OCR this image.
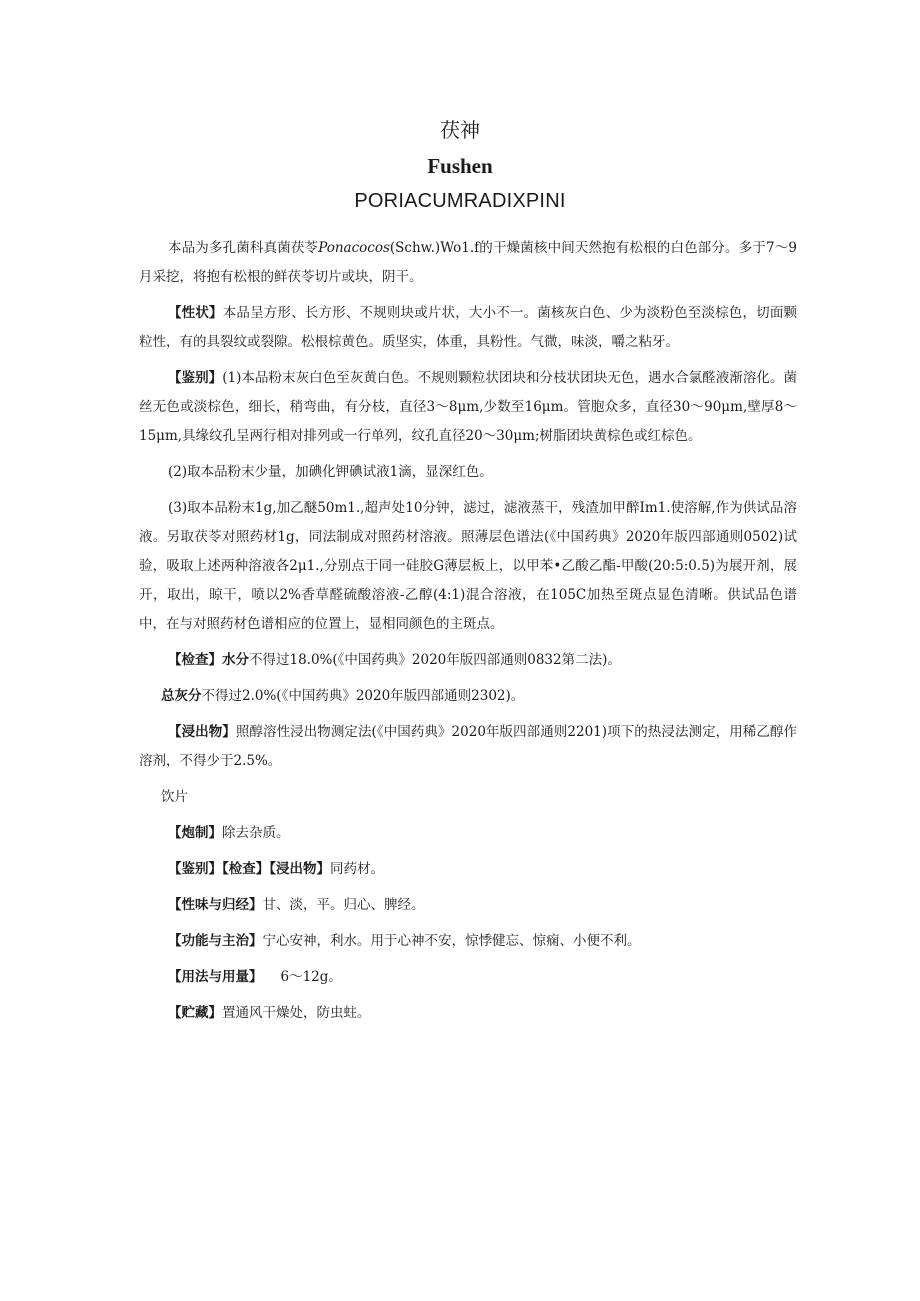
茯神
Fushen
PORIACUMRADIXPINI

本品为多孔菌科真菌茯苓Ponacocos(Schw.)Wo1.f的干燥菌核中间天然抱有松根的白色部分。多于7～9月采挖，将抱有松根的鲜茯苓切片或块，阴干。

【性状】本品呈方形、长方形、不规则块或片状，大小不一。菌核灰白色、少为淡粉色至淡棕色，切面颗粒性，有的具裂纹或裂隙。松根棕黄色。质坚实，体重，具粉性。气微，味淡，嚼之粘牙。

【鉴别】(1)本品粉末灰白色至灰黄白色。不规则颗粒状团块和分枝状团块无色，遇水合氯醛液渐溶化。菌丝无色或淡棕色，细长，稍弯曲，有分枝，直径3～8μm,少数至16μm。管胞众多，直径30～90μm,壁厚8～15μm,具缘纹孔呈两行相对排列或一行单列，纹孔直径20～30μm;树脂团块黄棕色或红棕色。

(2)取本品粉末少量，加碘化钾碘试液1滴，显深红色。

(3)取本品粉末1g,加乙醚50m1.,超声处10分钟，滤过，滤液蒸干，残渣加甲醉Im1.使溶解,作为供试品溶液。另取茯苓对照药材1g，同法制成对照药材溶液。照薄层色谱法(《中国药典》2020年版四部通则0502)试验，吸取上述两种溶液各2μ1.,分别点于同一硅胶G薄层板上，以甲苯•乙酸乙酯-甲酸(20:5:0.5)为展开剂，展开，取出，晾干，喷以2%香草醛硫酸溶液-乙醇(4:1)混合溶液，在105C加热至斑点显色清晰。供试品色谱中，在与对照药材色谱相应的位置上，显相同颜色的主斑点。

【检查】水分不得过18.0%(《中国药典》2020年版四部通则0832第二法)。

总灰分不得过2.0%(《中国药典》2020年版四部通则2302)。

【浸出物】照醇溶性浸出物测定法(《中国药典》2020年版四部通则2201)项下的热浸法测定，用稀乙醇作溶剂，不得少于2.5%。

饮片

【炮制】除去杂质。

【鉴别】【检查】【浸出物】同药材。

【性味与归经】甘、淡，平。归心、脾经。

【功能与主治】宁心安神，利水。用于心神不安，惊悸健忘、惊痫、小便不利。

【用法与用量】 6～12g。

【贮藏】置通风干燥处，防虫蛀。
